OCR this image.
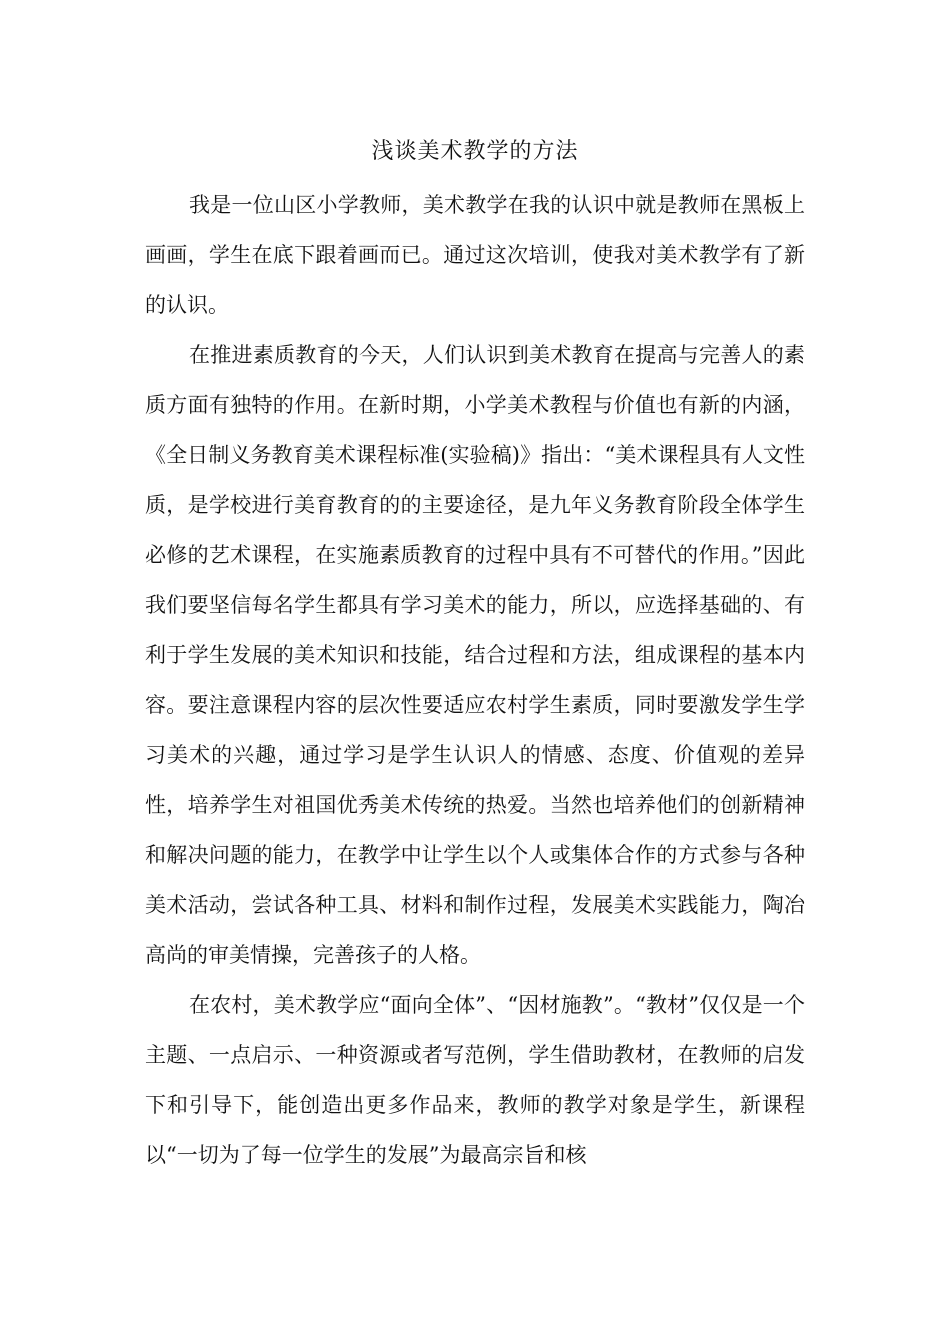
浅谈美术教学的方法

我是一位山区小学教师，美术教学在我的认识中就是教师在黑板上画画，学生在底下跟着画而已。通过这次培训，使我对美术教学有了新的认识。

在推进素质教育的今天，人们认识到美术教育在提高与完善人的素质方面有独特的作用。在新时期，小学美术教程与价值也有新的内涵，《全日制义务教育美术课程标准(实验稿)》指出：“美术课程具有人文性质，是学校进行美育教育的的主要途径，是九年义务教育阶段全体学生必修的艺术课程，在实施素质教育的过程中具有不可替代的作用。”因此我们要坚信每名学生都具有学习美术的能力，所以，应选择基础的、有利于学生发展的美术知识和技能，结合过程和方法，组成课程的基本内容。要注意课程内容的层次性要适应农村学生素质，同时要激发学生学习美术的兴趣，通过学习是学生认识人的情感、态度、价值观的差异性，培养学生对祖国优秀美术传统的热爱。当然也培养他们的创新精神和解决问题的能力，在教学中让学生以个人或集体合作的方式参与各种美术活动，尝试各种工具、材料和制作过程，发展美术实践能力，陶冶高尚的审美情操，完善孩子的人格。

在农村，美术教学应“面向全体”、“因材施教”。“教材”仅仅是一个主题、一点启示、一种资源或者写范例，学生借助教材，在教师的启发下和引导下，能创造出更多作品来，教师的教学对象是学生，新课程以“一切为了每一位学生的发展”为最高宗旨和核
